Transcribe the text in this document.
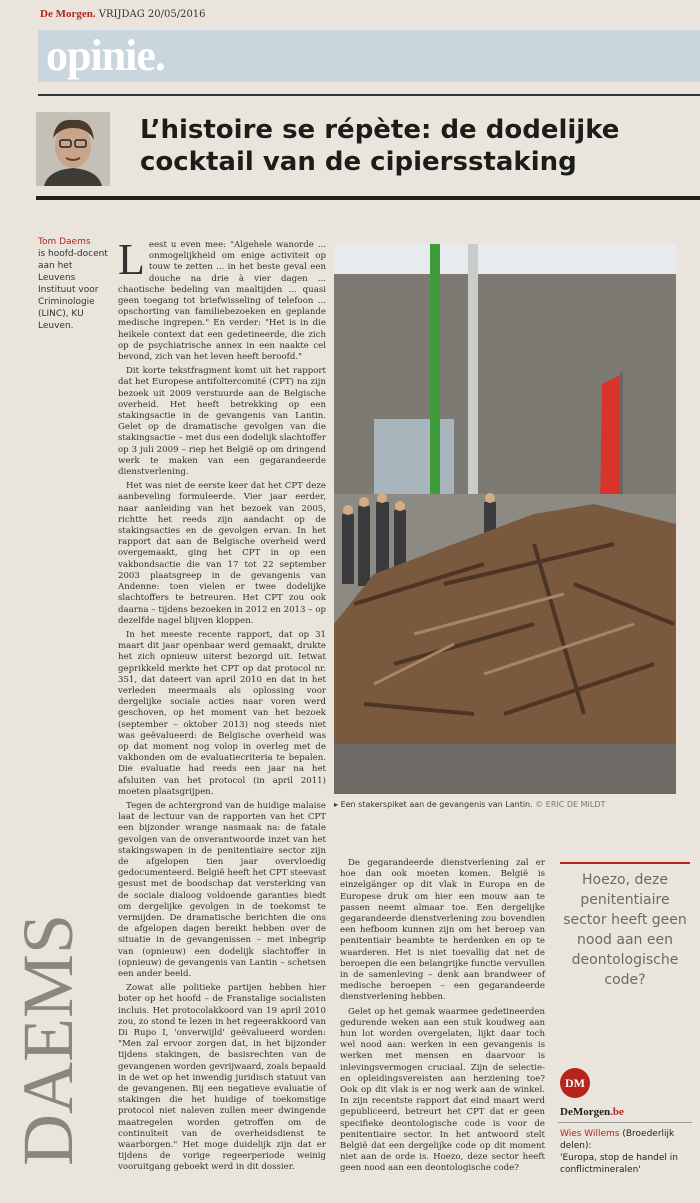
De Morgen. VRIJDAG 20/05/2016
opinie.
L’histoire se répète: de dodelijke cocktail van de cipiersstaking
Tom Daems
is hoofd-docent aan het Leuvens Instituut voor Criminologie (LINC), KU Leuven.

Leest u even mee: "Algehele wanorde ... onmogelijkheid om enige activiteit op touw te zetten ... in het beste geval een douche na drie à vier dagen ... chaotische bedeling van maaltijden ... quasi geen toegang tot briefwisseling of telefoon ... opschorting van familiebezoeken en geplande medische ingrepen." En verder: "Het is in die heikele context dat een gedetineerde, die zich op de psychiatrische annex in een naakte cel bevond, zich van het leven heeft beroofd."

Dit korte tekstfragment komt uit het rapport dat het Europese antifoltercomité (CPT) na zijn bezoek uit 2009 verstuurde aan de Belgische overheid. Het heeft betrekking op een stakingsactie in de gevangenis van Lantin. Gelet op de dramatische gevolgen van die stakingsactie – met dus een dodelijk slachtoffer op 3 juli 2009 – riep het België op om dringend werk te maken van een gegarandeerde dienstverlening.

Het was niet de eerste keer dat het CPT deze aanbeveling formuleerde. Vier jaar eerder, naar aanleiding van het bezoek van 2005, richtte het reeds zijn aandacht op de stakingsacties en de gevolgen ervan. In het rapport dat aan de Belgische overheid werd overgemaakt, ging het CPT in op een vakbondsactie die van 17 tot 22 september 2003 plaatsgreep in de gevangenis van Andenne: toen vielen er twee dodelijke slachtoffers te betreuren. Het CPT zou ook daarna – tijdens bezoeken in 2012 en 2013 – op dezelfde nagel blijven kloppen.

In het meeste recente rapport, dat op 31 maart dit jaar openbaar werd gemaakt, drukte het zich opnieuw uiterst bezorgd uit. Ietwat geprikkeld merkte het CPT op dat protocol nr. 351, dat dateert van april 2010 en dat in het verleden meermaals als oplossing voor dergelijke sociale acties naar voren werd geschoven, op het moment van het bezoek (september – oktober 2013) nog steeds niet was geëvalueerd: de Belgische overheid was op dat moment nog volop in overleg met de vakbonden om de evaluatiecriteria te bepalen. Die evaluatie had reeds een jaar na het afsluiten van het protocol (in april 2011) moeten plaatsgrijpen.

Tegen de achtergrond van de huidige malaise laat de lectuur van de rapporten van het CPT een bijzonder wrange nasmaak na: de fatale gevolgen van de onverantwoorde inzet van het stakingswapen in de penitentiaire sector zijn de afgelopen tien jaar overvloedig gedocumenteerd. België heeft het CPT steevast gesust met de boodschap dat versterking van de sociale dialoog voldoende garanties biedt om dergelijke gevolgen in de toekomst te vermijden. De dramatische berichten die ons de afgelopen dagen bereikt hebben over de situatie in de gevangenissen – met inbegrip van (opnieuw) een dodelijk slachtoffer in (opnieuw) de gevangenis van Lantin – schetsen een ander beeld.

Zowat alle politieke partijen hebben hier boter op het hoofd – de Franstalige socialisten incluis. Het protocolakkoord van 19 april 2010 zou, zo stond te lezen in het regeerakkoord van Di Rupo I, 'onverwijld' geëvalueerd worden: "Men zal ervoor zorgen dat, in het bijzonder tijdens stakingen, de basisrechten van de gevangenen worden gevrijwaard, zoals bepaald in de wet op het inwendig juridisch statuut van de gevangenen. Bij een negatieve evaluatie of stakingen die het huidige of toekomstige protocol niet naleven zullen meer dwingende maatregelen worden getroffen om de continuïteit van de overheidsdienst te waarborgen." Het moge duidelijk zijn dat er tijdens de vorige regeerperiode weinig vooruitgang geboekt werd in dit dossier.

▸ Een stakerspiket aan de gevangenis van Lantin. © ERIC DE MILDT
DAEMS

De gegarandeerde dienstverlening zal er hoe dan ook moeten komen. België is einzelgänger op dit vlak in Europa en de Europese druk om hier een mouw aan te passen neemt almaar toe. Een dergelijke gegarandeerde dienstverlening zou bovendien een hefboom kunnen zijn om het beroep van penitentiair beambte te herdenken en op te waarderen. Het is niet toevallig dat net de beroepen die een belangrijke functie vervullen in de samenleving – denk aan brandweer of medische beroepen – een gegarandeerde dienstverlening hebben.

Gelet op het gemak waarmee gedetineerden gedurende weken aan een stuk koudweg aan hun lot worden overgelaten, lijkt daar toch wel nood aan: werken in een gevangenis is werken met mensen en daarvoor is inlevingsvermogen cruciaal. Zijn de selectie- en opleidingsvereisten aan herziening toe? Ook op dit vlak is er nog werk aan de winkel. In zijn recentste rapport dat eind maart werd gepubliceerd, betreurt het CPT dat er geen specifieke deontologische code is voor de penitentiaire sector. In het antwoord stelt België dat een dergelijke code op dit moment niet aan de orde is. Hoezo, deze sector heeft geen nood aan een deontologische code?

Hoezo, deze penitentiaire sector heeft geen nood aan een deontologische code?
DM
DeMorgen.be
Wies Willems (Broederlijk delen):
'Europa, stop de handel in conflictmineralen'
